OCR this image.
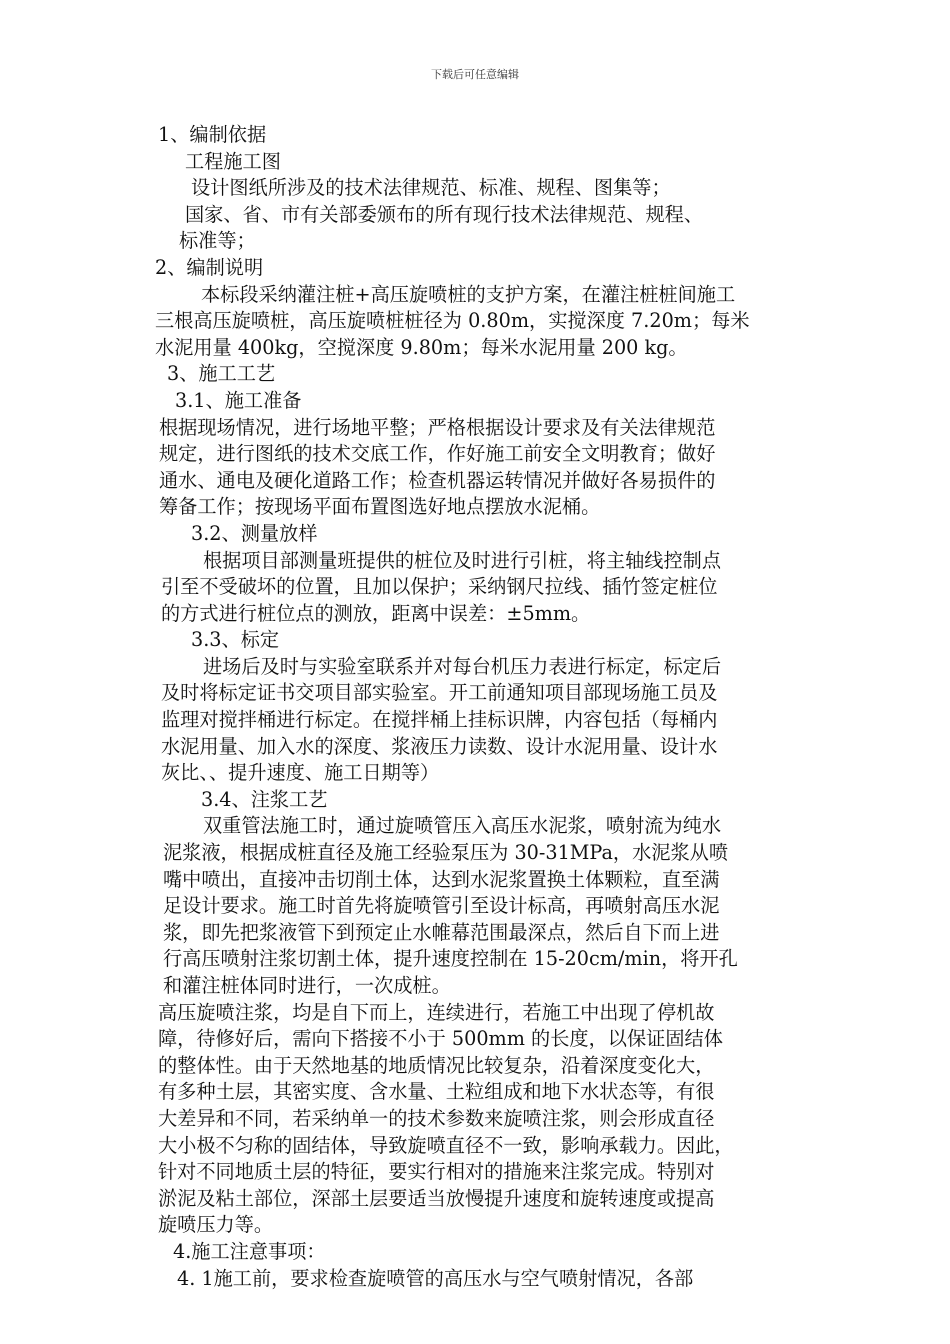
下载后可任意编辑
1、编制依据
工程施工图
设计图纸所涉及的技术法律规范、标准、规程、图集等；
国家、省、市有关部委颁布的所有现行技术法律规范、规程、
标准等；
2、编制说明
本标段采纳灌注桩+高压旋喷桩的支护方案，在灌注桩桩间施工
三根高压旋喷桩，高压旋喷桩桩径为 0.80m，实搅深度 7.20m；每米
水泥用量 400kg，空搅深度 9.80m；每米水泥用量 200 kg。
3、施工工艺
3.1、施工准备
根据现场情况，进行场地平整；严格根据设计要求及有关法律规范
规定，进行图纸的技术交底工作，作好施工前安全文明教育；做好
通水、通电及硬化道路工作；检查机器运转情况并做好各易损件的
筹备工作；按现场平面布置图选好地点摆放水泥桶。
3.2、测量放样
根据项目部测量班提供的桩位及时进行引桩，将主轴线控制点
引至不受破坏的位置，且加以保护；采纳钢尺拉线、插竹签定桩位
的方式进行桩位点的测放，距离中误差：±5mm。
3.3、标定
进场后及时与实验室联系并对每台机压力表进行标定，标定后
及时将标定证书交项目部实验室。开工前通知项目部现场施工员及
监理对搅拌桶进行标定。在搅拌桶上挂标识牌，内容包括（每桶内
水泥用量、加入水的深度、浆液压力读数、设计水泥用量、设计水
灰比、、提升速度、施工日期等）
3.4、注浆工艺
双重管法施工时，通过旋喷管压入高压水泥浆，喷射流为纯水
泥浆液，根据成桩直径及施工经验泵压为 30-31MPa，水泥浆从喷
嘴中喷出，直接冲击切削土体，达到水泥浆置换土体颗粒，直至满
足设计要求。施工时首先将旋喷管引至设计标高，再喷射高压水泥
浆，即先把浆液管下到预定止水帷幕范围最深点，然后自下而上进
行高压喷射注浆切割土体，提升速度控制在 15-20cm/min，将开孔
和灌注桩体同时进行，一次成桩。
高压旋喷注浆，均是自下而上，连续进行，若施工中出现了停机故
障，待修好后，需向下搭接不小于 500mm 的长度，以保证固结体
的整体性。由于天然地基的地质情况比较复杂，沿着深度变化大，
有多种土层，其密实度、含水量、土粒组成和地下水状态等，有很
大差异和不同，若采纳单一的技术参数来旋喷注浆，则会形成直径
大小极不匀称的固结体，导致旋喷直径不一致，影响承载力。因此，
针对不同地质土层的特征，要实行相对的措施来注浆完成。特别对
淤泥及粘土部位，深部土层要适当放慢提升速度和旋转速度或提高
旋喷压力等。
4.施工注意事项：
4. 1施工前，要求检查旋喷管的高压水与空气喷射情况，各部
